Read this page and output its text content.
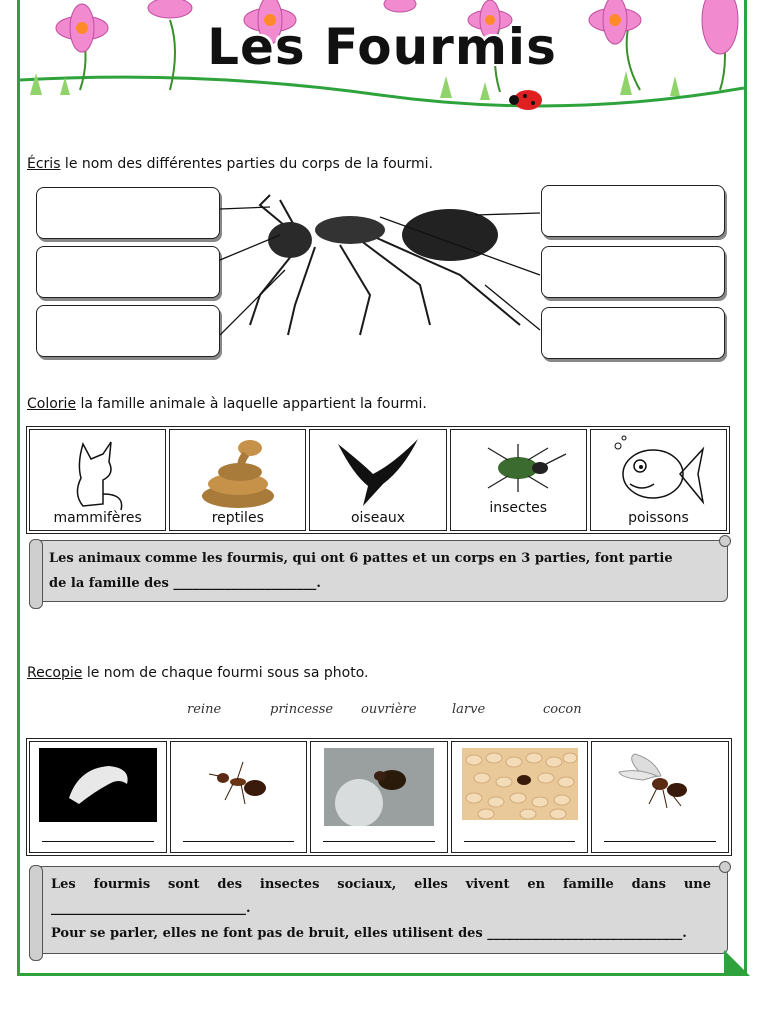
Les Fourmis
Écris le nom des différentes parties du corps de la fourmi.
Colorie la famille animale à laquelle appartient la fourmi.
mammifères	reptiles	oiseaux
insectes
poissons
Les animaux comme les fourmis, qui ont 6 pattes et un corps en 3 parties, font partie
de la famille des ______________________.
Recopie le nom de chaque fourmi sous sa photo.
reine	princesse ouvrière	larve	cocon
Les fourmis sont des insectes sociaux, elles vivent en famille dans une
______________________________.
Pour se parler, elles ne font pas de bruit, elles utilisent des ______________________________.
